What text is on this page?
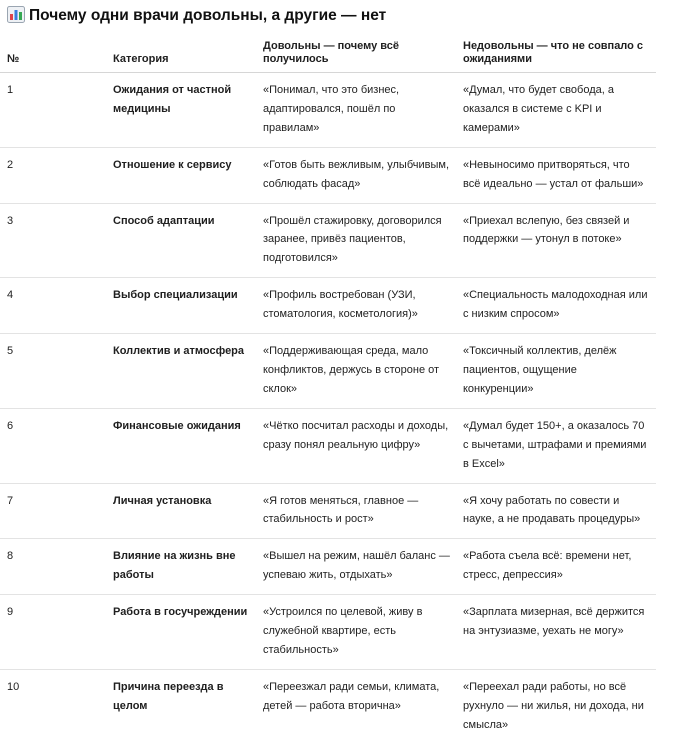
Почему одни врачи довольны, а другие — нет
№	Категория	Довольны — почему всё получилось	Недовольны — что не совпало с ожиданиями
1	Ожидания от частной медицины	«Понимал, что это бизнес, адаптировался, пошёл по правилам»	«Думал, что будет свобода, а оказался в системе с KPI и камерами»
2	Отношение к сервису	«Готов быть вежливым, улыбчивым, соблюдать фасад»	«Невыносимо притворяться, что всё идеально — устал от фальши»
3	Способ адаптации	«Прошёл стажировку, договорился заранее, привёз пациентов, подготовился»	«Приехал вслепую, без связей и поддержки — утонул в потоке»
4	Выбор специализации	«Профиль востребован (УЗИ, стоматология, косметология)»	«Специальность малодоходная или с низким спросом»
5	Коллектив и атмосфера	«Поддерживающая среда, мало конфликтов, держусь в стороне от склок»	«Токсичный коллектив, делёж пациентов, ощущение конкуренции»
6	Финансовые ожидания	«Чётко посчитал расходы и доходы, сразу понял реальную цифру»	«Думал будет 150+, а оказалось 70 с вычетами, штрафами и премиями в Excel»
7	Личная установка	«Я готов меняться, главное — стабильность и рост»	«Я хочу работать по совести и науке, а не продавать процедуры»
8	Влияние на жизнь вне работы	«Вышел на режим, нашёл баланс — успеваю жить, отдыхать»	«Работа съела всё: времени нет, стресс, депрессия»
9	Работа в госучреждении	«Устроился по целевой, живу в служебной квартире, есть стабильность»	«Зарплата мизерная, всё держится на энтузиазме, уехать не могу»
10	Причина переезда в целом	«Переезжал ради семьи, климата, детей — работа вторична»	«Переехал ради работы, но всё рухнуло — ни жилья, ни дохода, ни смысла»
